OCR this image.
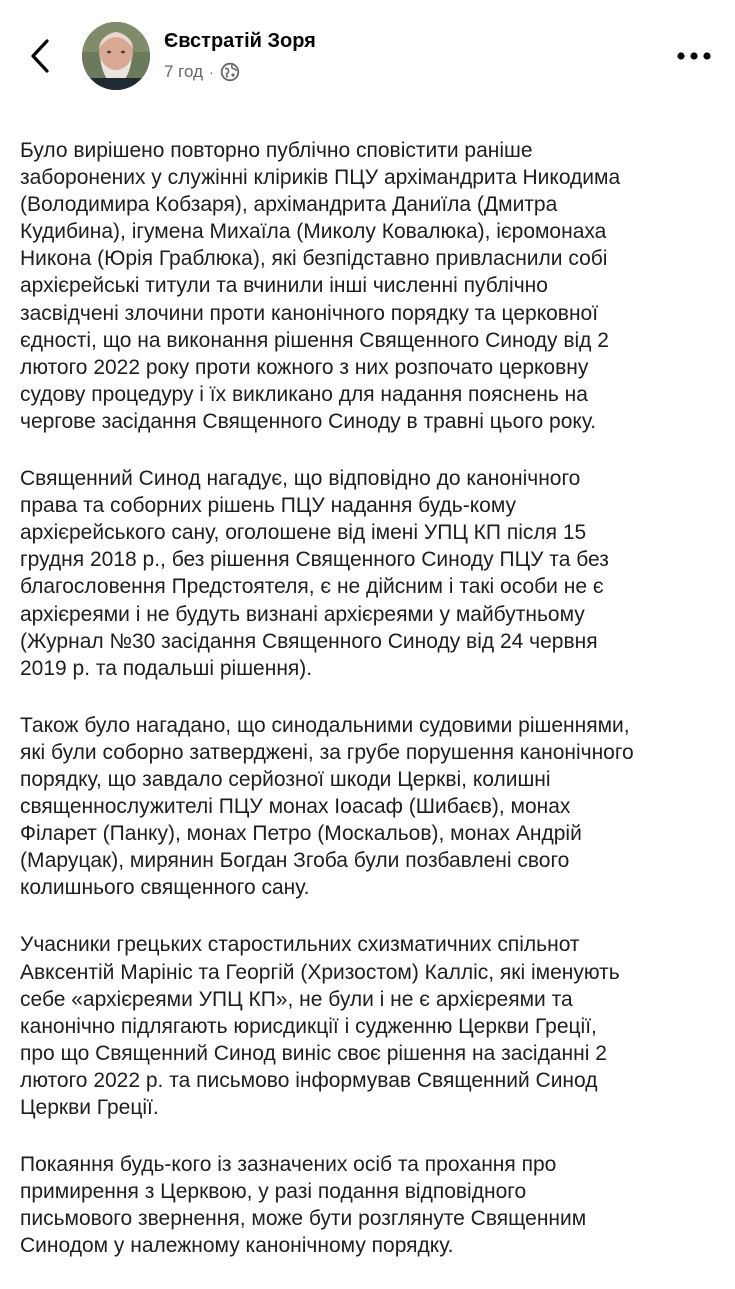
Євстратій Зоря
7 год ·

Було вирішено повторно публічно сповістити раніше
заборонених у служінні кліриків ПЦУ архімандрита Никодима
(Володимира Кобзаря), архімандрита Даниїла (Дмитра
Кудибина), ігумена Михаїла (Миколу Ковалюка), ієромонаха
Никона (Юрія Граблюка), які безпідставно привласнили собі
архієрейські титули та вчинили інші численні публічно
засвідчені злочини проти канонічного порядку та церковної
єдності, що на виконання рішення Священного Синоду від 2
лютого 2022 року проти кожного з них розпочато церковну
судову процедуру і їх викликано для надання пояснень на
чергове засідання Священного Синоду в травні цього року.

Священний Синод нагадує, що відповідно до канонічного
права та соборних рішень ПЦУ надання будь-кому
архієрейського сану, оголошене від імені УПЦ КП після 15
грудня 2018 р., без рішення Священного Синоду ПЦУ та без
благословення Предстоятеля, є не дійсним і такі особи не є
архієреями і не будуть визнані архієреями у майбутньому
(Журнал №30 засідання Священного Синоду від 24 червня
2019 р. та подальші рішення).

Також було нагадано, що синодальними судовими рішеннями,
які були соборно затверджені, за грубе порушення канонічного
порядку, що завдало серйозної шкоди Церкві, колишні
священнослужителі ПЦУ монах Іоасаф (Шибаєв), монах
Філарет (Панку), монах Петро (Москальов), монах Андрій
(Маруцак), мирянин Богдан Згоба були позбавлені свого
колишнього священного сану.

Учасники грецьких старостильних схизматичних спільнот
Авксентій Марініс та Георгій (Хризостом) Калліс, які іменують
себе «архієреями УПЦ КП», не були і не є архієреями та
канонічно підлягають юрисдикції і судженню Церкви Греції,
про що Священний Синод виніс своє рішення на засіданні 2
лютого 2022 р. та письмово інформував Священний Синод
Церкви Греції.

Покаяння будь-кого із зазначених осіб та прохання про
примирення з Церквою, у разі подання відповідного
письмового звернення, може бути розглянуте Священним
Синодом у належному канонічному порядку.
